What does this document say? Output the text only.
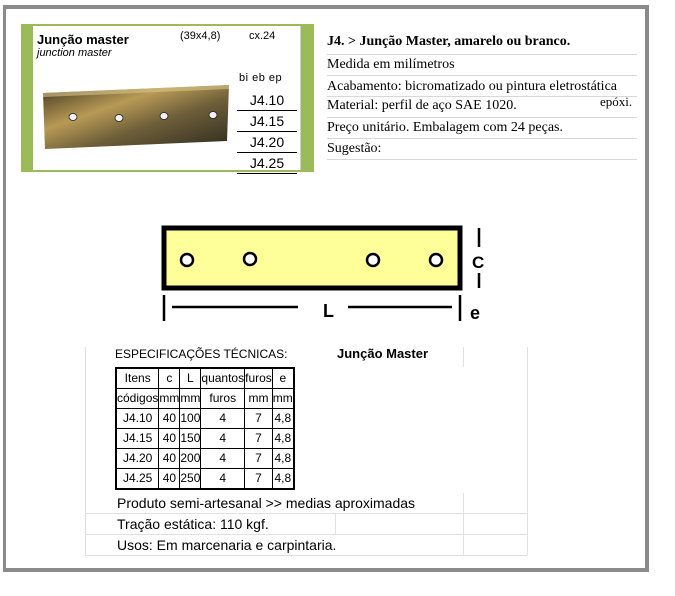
Junção master
junction master
(39x4,8)	cx.24
bi eb ep
J4.10
J4.15
J4.20
J4.25
J4. > Junção Master, amarelo ou branco.
Medida em milímetros
Acabamento: bicromatizado ou pintura eletrostática
Material: perfil de aço SAE 1020.	epóxi.
Preço unitário. Embalagem com 24 peças.
Sugestão:
C
L	e
ESPECIFICAÇÕES TÉCNICAS:	Junção Master
Itens	c	L	quantos	furos	e
códigos	mm	mm	furos	mm	mm
J4.10	40	100	4	7	4,8
J4.15	40	150	4	7	4,8
J4.20	40	200	4	7	4,8
J4.25	40	250	4	7	4,8
Produto semi-artesanal >> medias aproximadas
Tração estática: 110 kgf.
Usos: Em marcenaria e carpintaria.
